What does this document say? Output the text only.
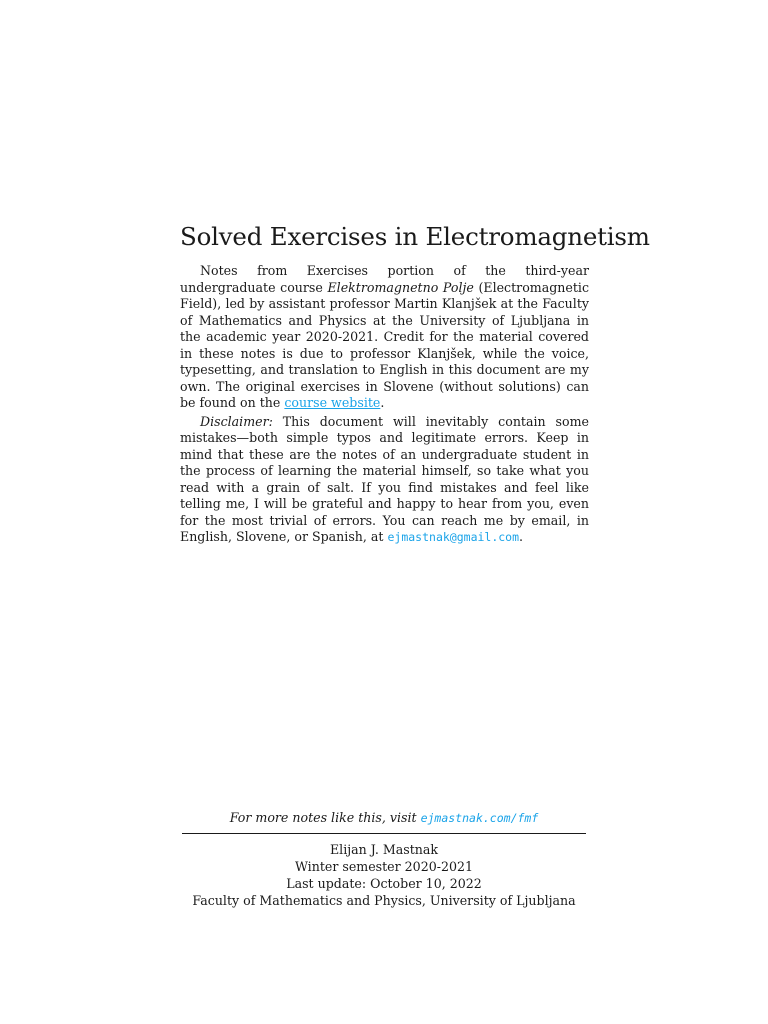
Solved Exercises in Electromagnetism

Notes from Exercises portion of the third-year undergraduate course Elektromagnetno Polje (Electromagnetic Field), led by assistant professor Martin Klanjšek at the Faculty of Mathematics and Physics at the University of Ljubljana in the academic year 2020-2021. Credit for the material covered in these notes is due to professor Klanjšek, while the voice, typesetting, and translation to English in this document are my own. The original exercises in Slovene (without solutions) can be found on the course website.

Disclaimer: This document will inevitably contain some mistakes—both simple typos and legitimate errors. Keep in mind that these are the notes of an undergraduate student in the process of learning the material himself, so take what you read with a grain of salt. If you find mistakes and feel like telling me, I will be grateful and happy to hear from you, even for the most trivial of errors. You can reach me by email, in English, Slovene, or Spanish, at ejmastnak@gmail.com.

For more notes like this, visit ejmastnak.com/fmf
Elijan J. Mastnak
Winter semester 2020-2021
Last update: October 10, 2022
Faculty of Mathematics and Physics, University of Ljubljana
